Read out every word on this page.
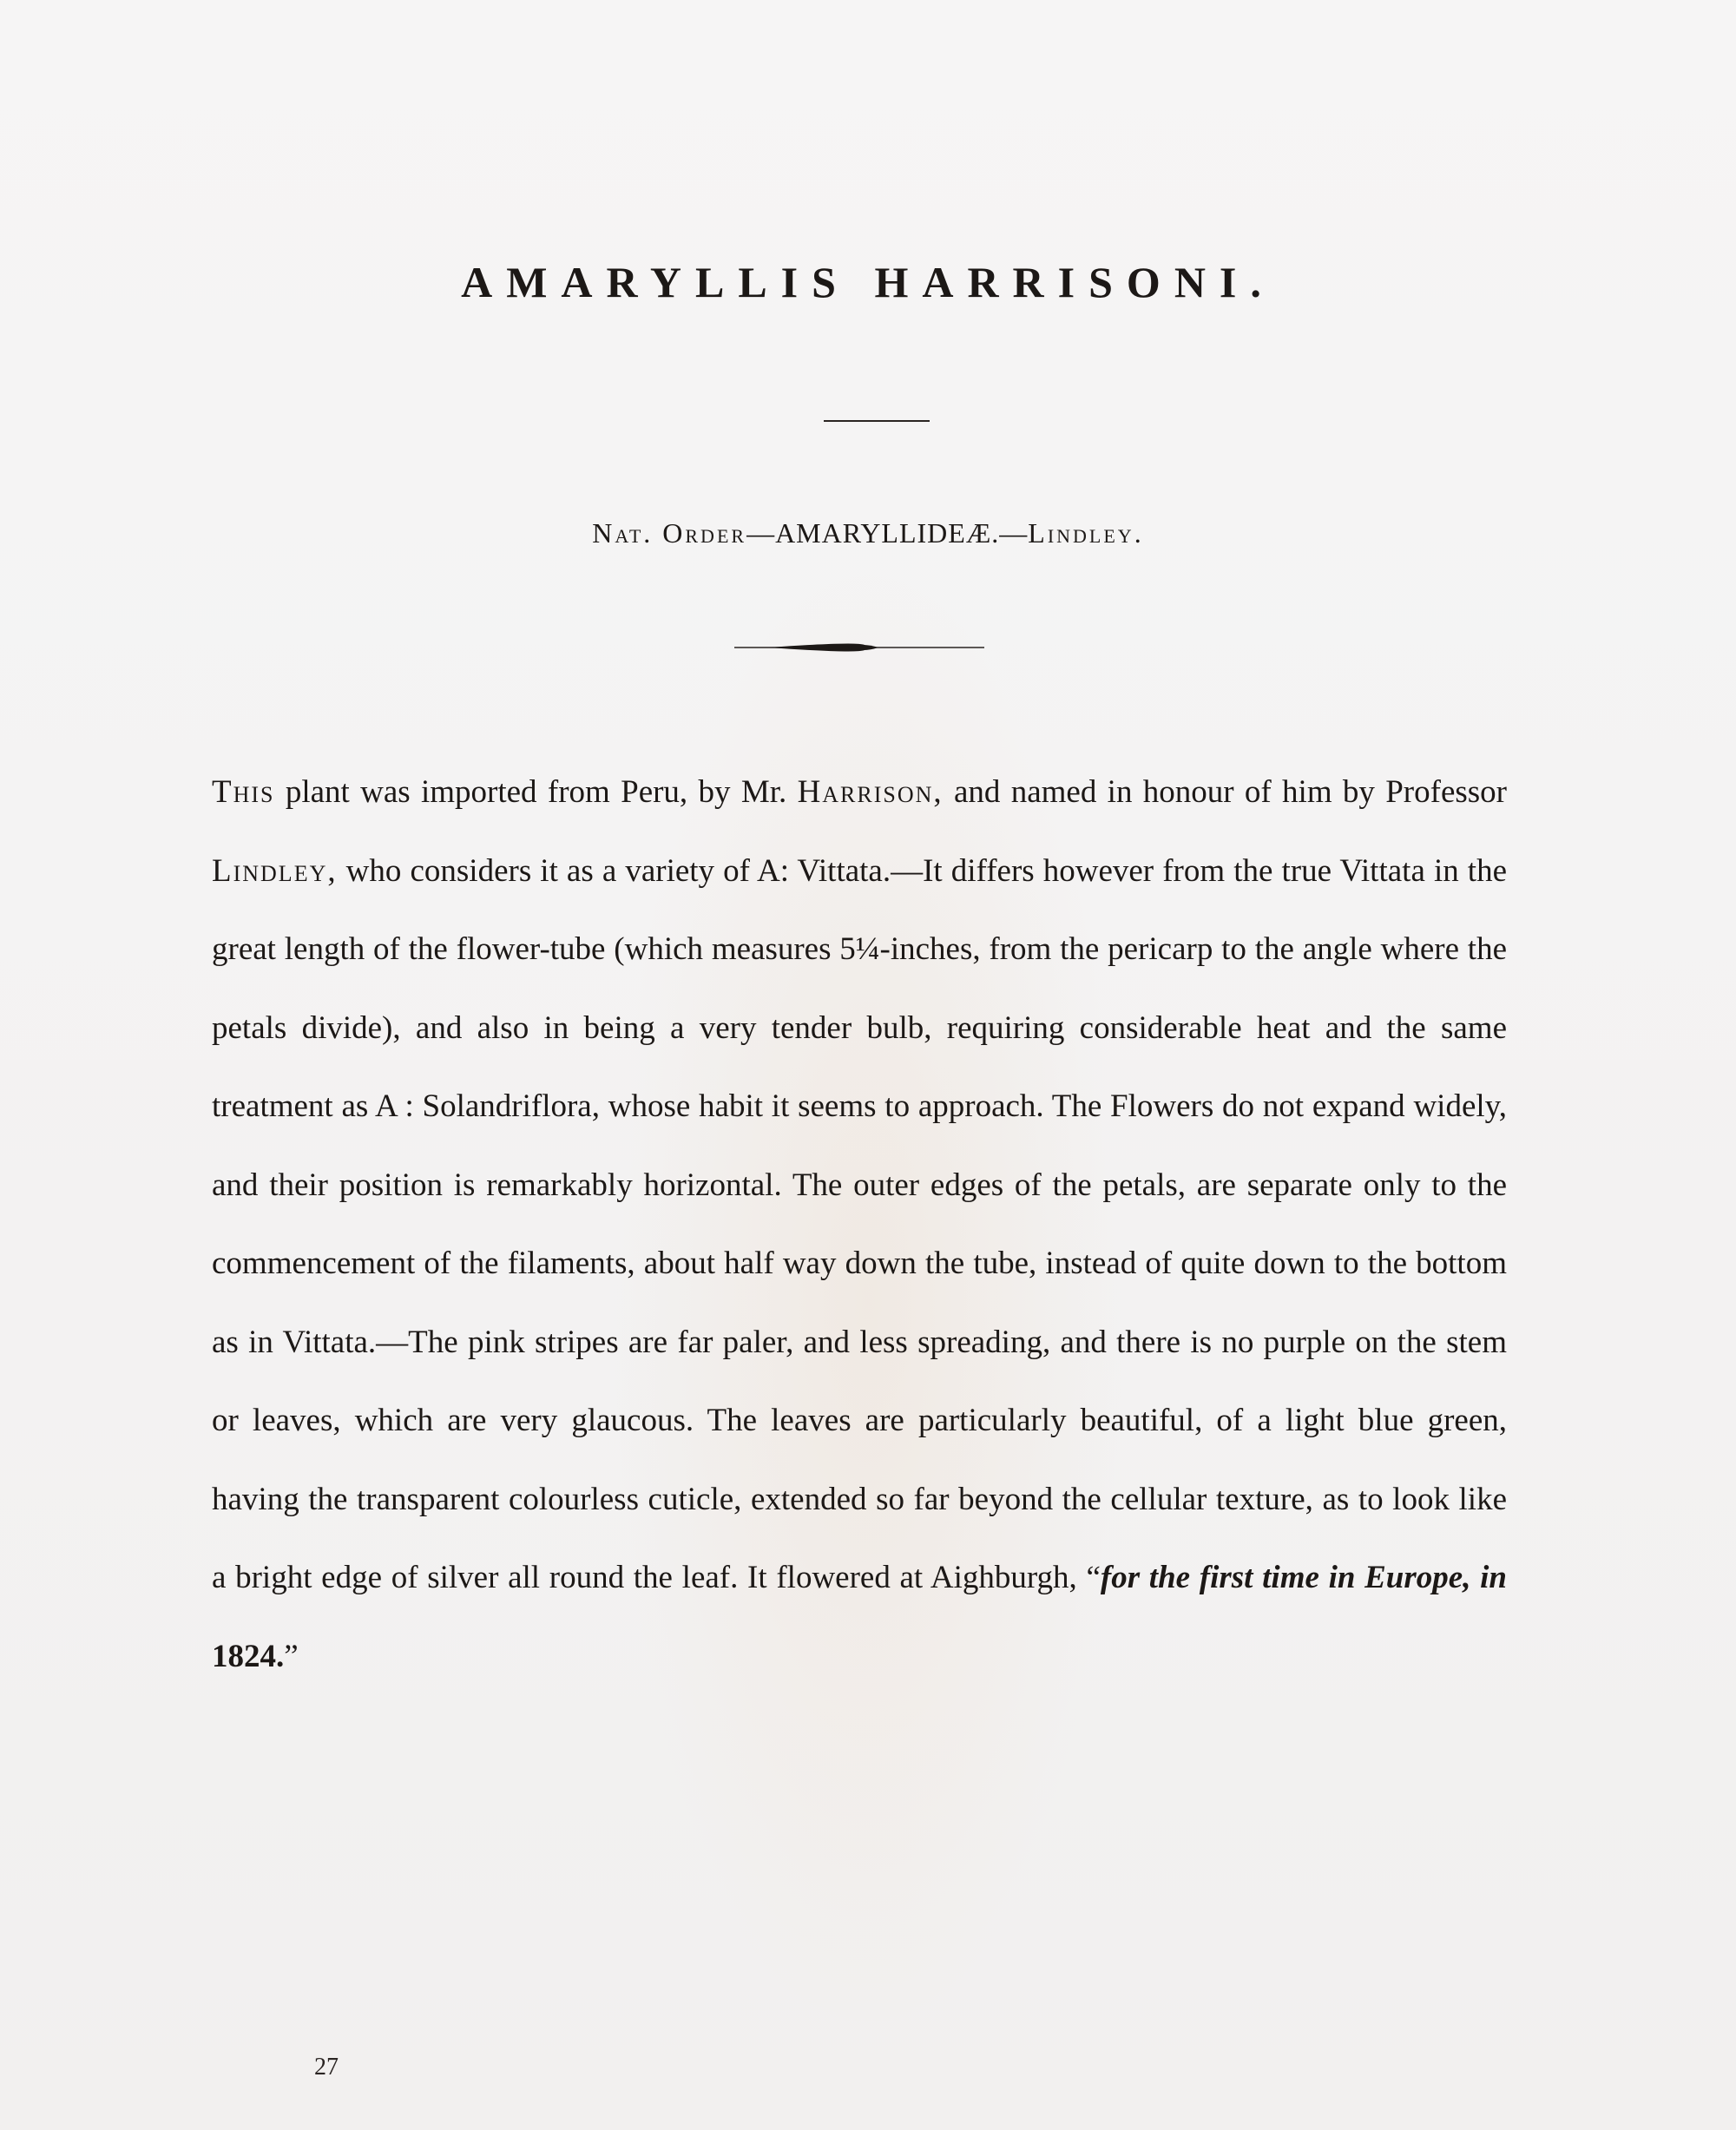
AMARYLLIS HARRISONI.
Nat. Order—AMARYLLIDEÆ.—Lindley.
This plant was imported from Peru, by Mr. Harrison, and named in honour of him by Professor Lindley, who considers it as a variety of A: Vittata.—It differs however from the true Vittata in the great length of the flower-tube (which measures 5¼-inches, from the pericarp to the angle where the petals divide), and also in being a very tender bulb, requiring considerable heat and the same treatment as A : Solandriflora, whose habit it seems to approach. The Flowers do not expand widely, and their position is remarkably horizontal. The outer edges of the petals, are separate only to the commencement of the filaments, about half way down the tube, instead of quite down to the bottom as in Vittata.—The pink stripes are far paler, and less spreading, and there is no purple on the stem or leaves, which are very glaucous. The leaves are particularly beautiful, of a light blue green, having the transparent colourless cuticle, extended so far beyond the cellular texture, as to look like a bright edge of silver all round the leaf. It flowered at Aighburgh, “for the first time in Europe, in 1824.”
27
